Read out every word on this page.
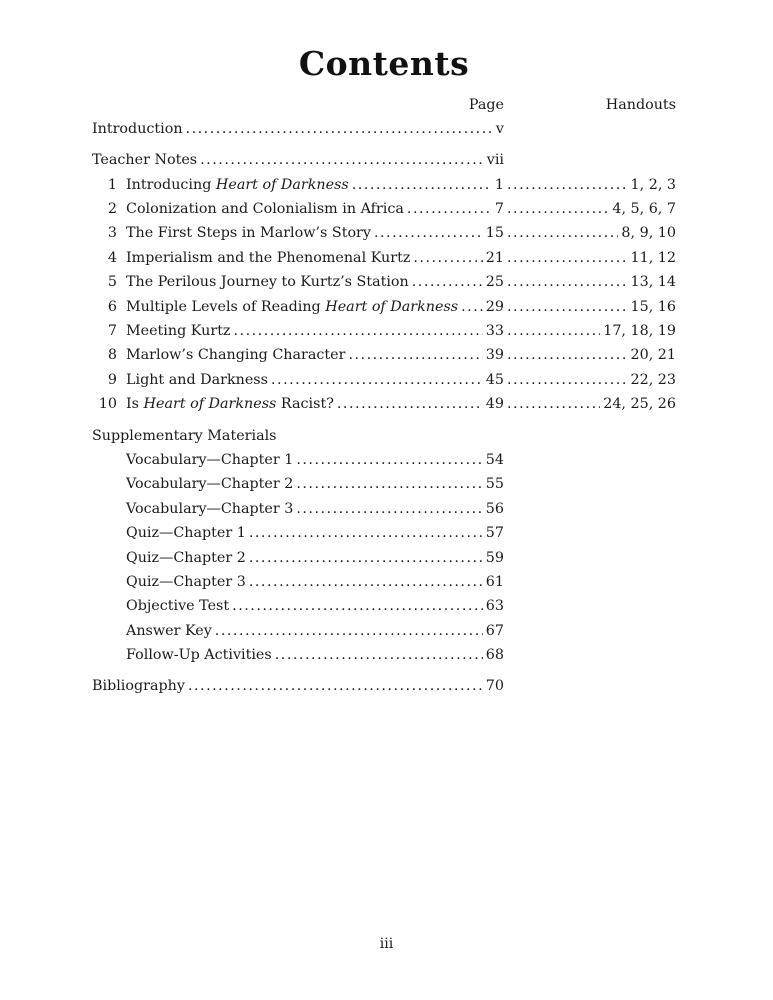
Contents
Page	Handouts
Introduction .....	v
Teacher Notes .....	vii
1 Introducing Heart of Darkness .....	1 .....	1, 2, 3
2 Colonization and Colonialism in Africa .....	7 .....	4, 5, 6, 7
3 The First Steps in Marlow’s Story .....	15 .....	8, 9, 10
4 Imperialism and the Phenomenal Kurtz .....	21 .....	11, 12
5 The Perilous Journey to Kurtz’s Station .....	25 .....	13, 14
6 Multiple Levels of Reading Heart of Darkness ..... 29 .....	15, 16
7 Meeting Kurtz .....	33 .....	17, 18, 19
8 Marlow’s Changing Character .....	39 .....	20, 21
9 Light and Darkness .....	45 .....	22, 23
10 Is Heart of Darkness Racist? .....	49 .....	24, 25, 26
Supplementary Materials
Vocabulary—Chapter 1 .....	54
Vocabulary—Chapter 2 .....	55
Vocabulary—Chapter 3 .....	56
Quiz—Chapter 1 .....	57
Quiz—Chapter 2 .....	59
Quiz—Chapter 3 .....	61
Objective Test .....	63
Answer Key .....	67
Follow-Up Activities .....	68
Bibliography .....	70
iii
